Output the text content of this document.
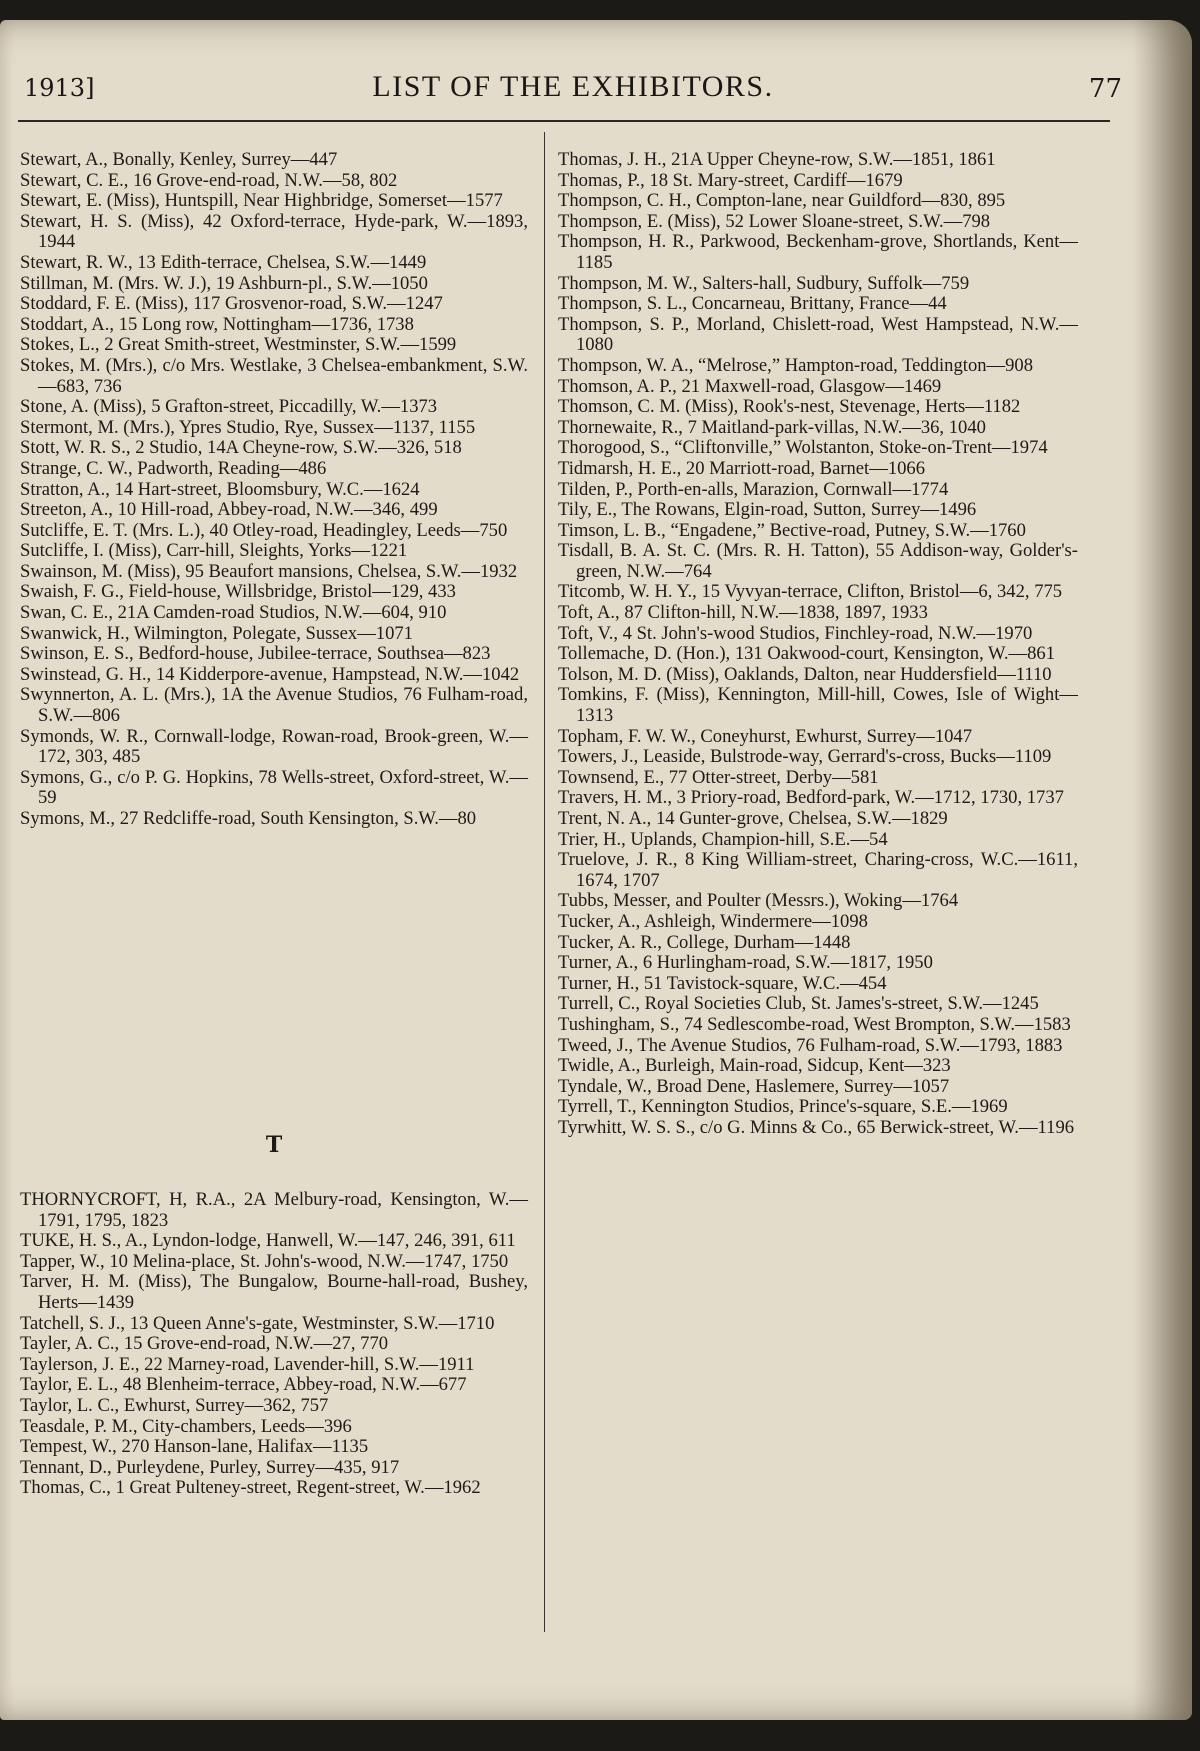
1913]	LIST OF THE EXHIBITORS.	77

Stewart, A., Bonally, Kenley, Surrey—447

Stewart, C. E., 16 Grove-end-road, N.W.—58, 802

Stewart, E. (Miss), Huntspill, Near Highbridge, Somerset—1577

Stewart, H. S. (Miss), 42 Oxford-terrace, Hyde-park, W.—1893, 1944

Stewart, R. W., 13 Edith-terrace, Chelsea, S.W.—1449

Stillman, M. (Mrs. W. J.), 19 Ashburn-pl., S.W.—1050

Stoddard, F. E. (Miss), 117 Grosvenor-road, S.W.—1247

Stoddart, A., 15 Long row, Nottingham—1736, 1738

Stokes, L., 2 Great Smith-street, Westminster, S.W.—1599

Stokes, M. (Mrs.), c/o Mrs. Westlake, 3 Chelsea-embankment, S.W.—683, 736

Stone, A. (Miss), 5 Grafton-street, Piccadilly, W.—1373

Stermont, M. (Mrs.), Ypres Studio, Rye, Sussex—1137, 1155

Stott, W. R. S., 2 Studio, 14A Cheyne-row, S.W.—326, 518

Strange, C. W., Padworth, Reading—486

Stratton, A., 14 Hart-street, Bloomsbury, W.C.—1624

Streeton, A., 10 Hill-road, Abbey-road, N.W.—346, 499

Sutcliffe, E. T. (Mrs. L.), 40 Otley-road, Headingley, Leeds—750

Sutcliffe, I. (Miss), Carr-hill, Sleights, Yorks—1221

Swainson, M. (Miss), 95 Beaufort mansions, Chelsea, S.W.—1932

Swaish, F. G., Field-house, Willsbridge, Bristol—129, 433

Swan, C. E., 21A Camden-road Studios, N.W.—604, 910

Swanwick, H., Wilmington, Polegate, Sussex—1071

Swinson, E. S., Bedford-house, Jubilee-terrace, Southsea—823

Swinstead, G. H., 14 Kidderpore-avenue, Hampstead, N.W.—1042

Swynnerton, A. L. (Mrs.), 1A the Avenue Studios, 76 Fulham-road, S.W.—806

Symonds, W. R., Cornwall-lodge, Rowan-road, Brook-green, W.—172, 303, 485

Symons, G., c/o P. G. Hopkins, 78 Wells-street, Oxford-street, W.—59

Symons, M., 27 Redcliffe-road, South Kensington, S.W.—80

T

THORNYCROFT, H, R.A., 2A Melbury-road, Kensington, W.—1791, 1795, 1823

TUKE, H. S., A., Lyndon-lodge, Hanwell, W.—147, 246, 391, 611

Tapper, W., 10 Melina-place, St. John's-wood, N.W.—1747, 1750

Tarver, H. M. (Miss), The Bungalow, Bourne-hall-road, Bushey, Herts—1439

Tatchell, S. J., 13 Queen Anne's-gate, Westminster, S.W.—1710

Tayler, A. C., 15 Grove-end-road, N.W.—27, 770

Taylerson, J. E., 22 Marney-road, Lavender-hill, S.W.—1911

Taylor, E. L., 48 Blenheim-terrace, Abbey-road, N.W.—677

Taylor, L. C., Ewhurst, Surrey—362, 757

Teasdale, P. M., City-chambers, Leeds—396

Tempest, W., 270 Hanson-lane, Halifax—1135

Tennant, D., Purleydene, Purley, Surrey—435, 917

Thomas, C., 1 Great Pulteney-street, Regent-street, W.—1962

Thomas, J. H., 21A Upper Cheyne-row, S.W.—1851, 1861

Thomas, P., 18 St. Mary-street, Cardiff—1679

Thompson, C. H., Compton-lane, near Guildford—830, 895

Thompson, E. (Miss), 52 Lower Sloane-street, S.W.—798

Thompson, H. R., Parkwood, Beckenham-grove, Shortlands, Kent—1185

Thompson, M. W., Salters-hall, Sudbury, Suffolk—759

Thompson, S. L., Concarneau, Brittany, France—44

Thompson, S. P., Morland, Chislett-road, West Hampstead, N.W.—1080

Thompson, W. A., “Melrose,” Hampton-road, Teddington—908

Thomson, A. P., 21 Maxwell-road, Glasgow—1469

Thomson, C. M. (Miss), Rook's-nest, Stevenage, Herts—1182

Thornewaite, R., 7 Maitland-park-villas, N.W.—36, 1040

Thorogood, S., “Cliftonville,” Wolstanton, Stoke-on-Trent—1974

Tidmarsh, H. E., 20 Marriott-road, Barnet—1066

Tilden, P., Porth-en-alls, Marazion, Cornwall—1774

Tily, E., The Rowans, Elgin-road, Sutton, Surrey—1496

Timson, L. B., “Engadene,” Bective-road, Putney, S.W.—1760

Tisdall, B. A. St. C. (Mrs. R. H. Tatton), 55 Addison-way, Golder's-green, N.W.—764

Titcomb, W. H. Y., 15 Vyvyan-terrace, Clifton, Bristol—6, 342, 775

Toft, A., 87 Clifton-hill, N.W.—1838, 1897, 1933

Toft, V., 4 St. John's-wood Studios, Finchley-road, N.W.—1970

Tollemache, D. (Hon.), 131 Oakwood-court, Kensington, W.—861

Tolson, M. D. (Miss), Oaklands, Dalton, near Huddersfield—1110

Tomkins, F. (Miss), Kennington, Mill-hill, Cowes, Isle of Wight—1313

Topham, F. W. W., Coneyhurst, Ewhurst, Surrey—1047

Towers, J., Leaside, Bulstrode-way, Gerrard's-cross, Bucks—1109

Townsend, E., 77 Otter-street, Derby—581

Travers, H. M., 3 Priory-road, Bedford-park, W.—1712, 1730, 1737

Trent, N. A., 14 Gunter-grove, Chelsea, S.W.—1829

Trier, H., Uplands, Champion-hill, S.E.—54

Truelove, J. R., 8 King William-street, Charing-cross, W.C.—1611, 1674, 1707

Tubbs, Messer, and Poulter (Messrs.), Woking—1764

Tucker, A., Ashleigh, Windermere—1098

Tucker, A. R., College, Durham—1448

Turner, A., 6 Hurlingham-road, S.W.—1817, 1950

Turner, H., 51 Tavistock-square, W.C.—454

Turrell, C., Royal Societies Club, St. James's-street, S.W.—1245

Tushingham, S., 74 Sedlescombe-road, West Brompton, S.W.—1583

Tweed, J., The Avenue Studios, 76 Fulham-road, S.W.—1793, 1883

Twidle, A., Burleigh, Main-road, Sidcup, Kent—323

Tyndale, W., Broad Dene, Haslemere, Surrey—1057

Tyrrell, T., Kennington Studios, Prince's-square, S.E.—1969

Tyrwhitt, W. S. S., c/o G. Minns & Co., 65 Berwick-street, W.—1196
